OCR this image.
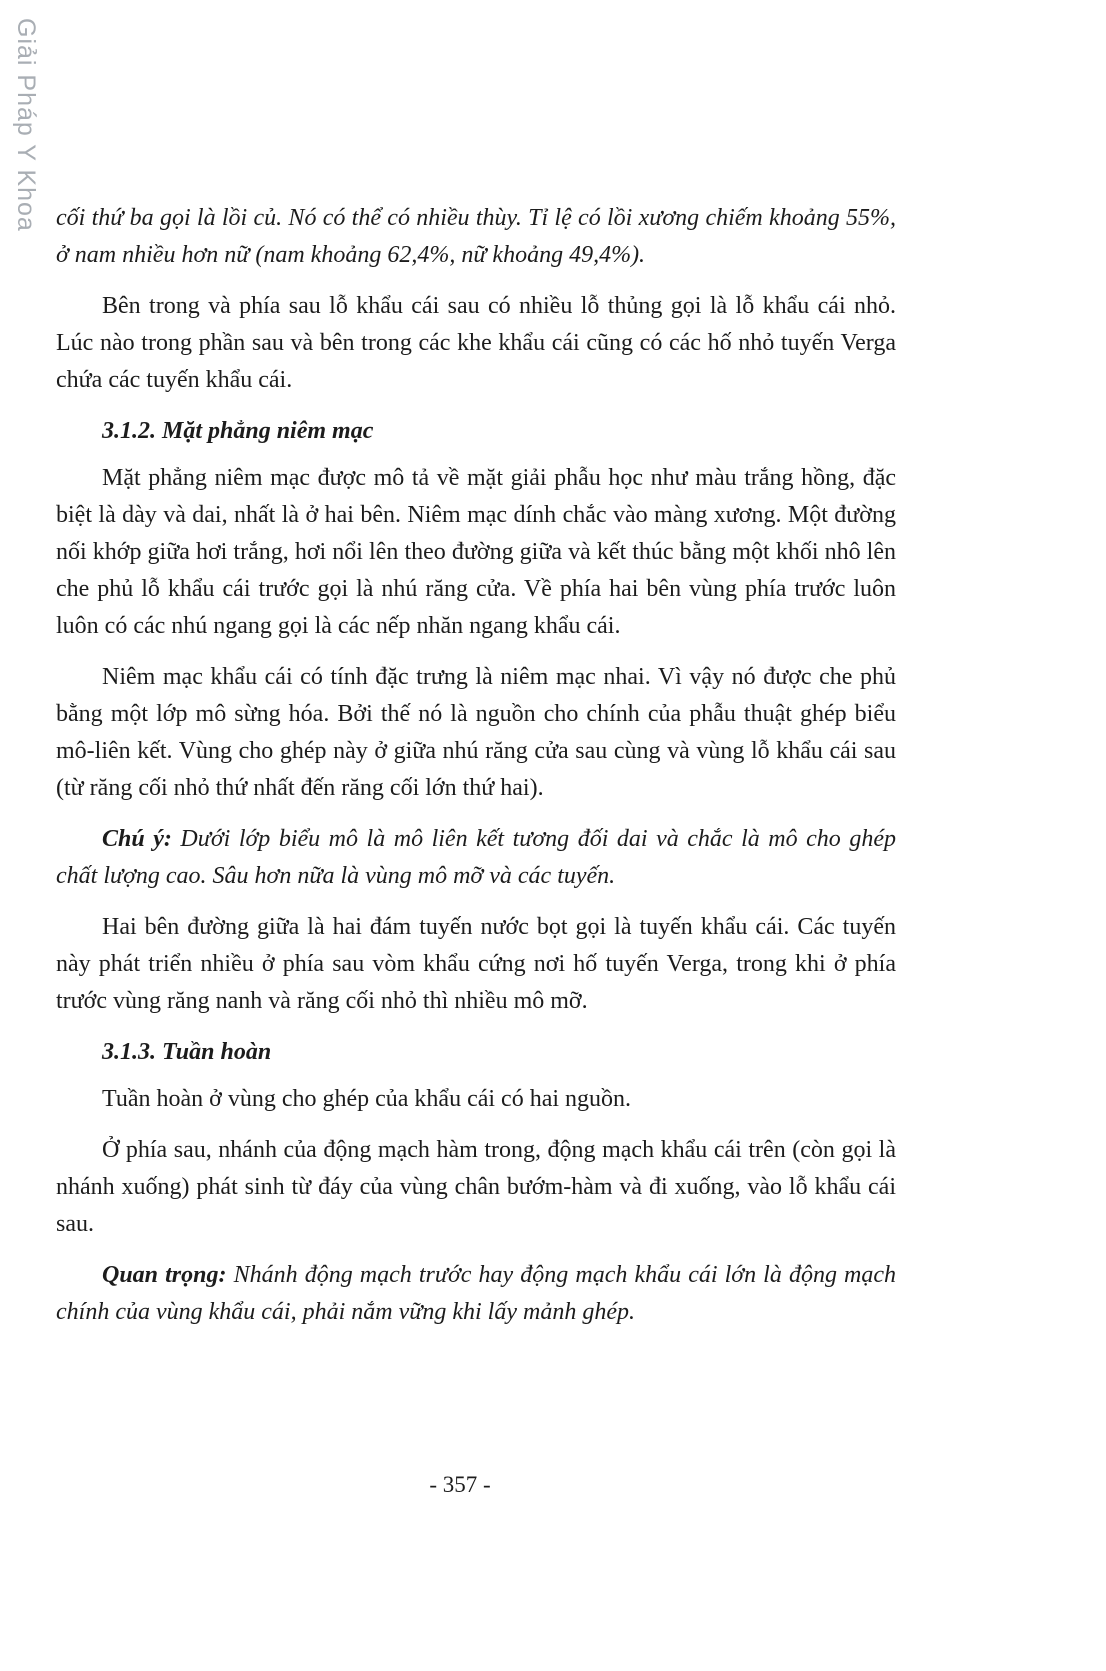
Giải Pháp Y Khoa cối thứ ba gọi là lồi củ. Nó có thể có nhiều thùy. Tỉ lệ có lồi xương chiếm khoảng 55%, ở nam nhiều hơn nữ (nam khoảng 62,4%, nữ khoảng 49,4%).

Bên trong và phía sau lỗ khẩu cái sau có nhiều lỗ thủng gọi là lỗ khẩu cái nhỏ. Lúc nào trong phần sau và bên trong các khe khẩu cái cũng có các hố nhỏ tuyến Verga chứa các tuyến khẩu cái.

3.1.2. Mặt phẳng niêm mạc

Mặt phẳng niêm mạc được mô tả về mặt giải phẫu học như màu trắng hồng, đặc biệt là dày và dai, nhất là ở hai bên. Niêm mạc dính chắc vào màng xương. Một đường nối khớp giữa hơi trắng, hơi nổi lên theo đường giữa và kết thúc bằng một khối nhô lên che phủ lỗ khẩu cái trước gọi là nhú răng cửa. Về phía hai bên vùng phía trước luôn luôn có các nhú ngang gọi là các nếp nhăn ngang khẩu cái.

Niêm mạc khẩu cái có tính đặc trưng là niêm mạc nhai. Vì vậy nó được che phủ bằng một lớp mô sừng hóa. Bởi thế nó là nguồn cho chính của phẫu thuật ghép biểu mô-liên kết. Vùng cho ghép này ở giữa nhú răng cửa sau cùng và vùng lỗ khẩu cái sau (từ răng cối nhỏ thứ nhất đến răng cối lớn thứ hai).

Chú ý: Dưới lớp biểu mô là mô liên kết tương đối dai và chắc là mô cho ghép chất lượng cao. Sâu hơn nữa là vùng mô mỡ và các tuyến.

Hai bên đường giữa là hai đám tuyến nước bọt gọi là tuyến khẩu cái. Các tuyến này phát triển nhiều ở phía sau vòm khẩu cứng nơi hố tuyến Verga, trong khi ở phía trước vùng răng nanh và răng cối nhỏ thì nhiều mô mỡ.

3.1.3. Tuần hoàn

Tuần hoàn ở vùng cho ghép của khẩu cái có hai nguồn.

Ở phía sau, nhánh của động mạch hàm trong, động mạch khẩu cái trên (còn gọi là nhánh xuống) phát sinh từ đáy của vùng chân bướm-hàm và đi xuống, vào lỗ khẩu cái sau.

Quan trọng: Nhánh động mạch trước hay động mạch khẩu cái lớn là động mạch chính của vùng khẩu cái, phải nắm vững khi lấy mảnh ghép.

- 357 -
